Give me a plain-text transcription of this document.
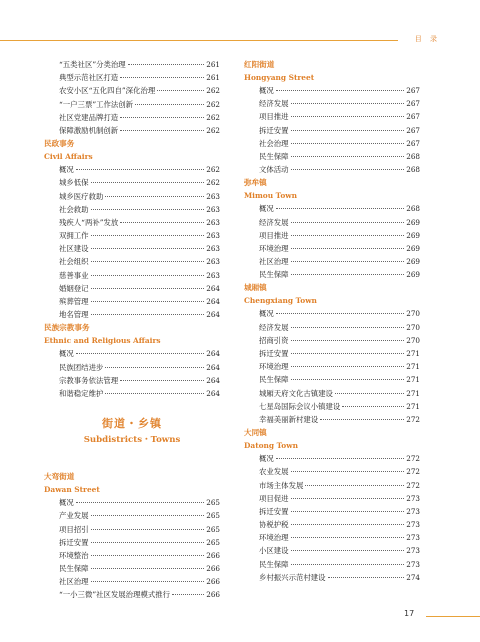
目 录
“五类社区”分类治理	261
典型示范社区打造	261
农安小区“五化四自”深化治理	262
“一户三票”工作法创新	262
社区党建品牌打造	262
保障激励机制创新	262
民政事务
Civil Affairs
概况	262
城乡低保	262
城乡医疗救助	263
社会救助	263
残疾人“两补”发放	263
双拥工作	263
社区建设	263
社会组织	263
慈善事业	263
婚姻登记	264
殡葬管理	264
地名管理	264
民族宗教事务
Ethnic and Religious Affairs
概况	264
民族团结进步	264
宗教事务依法管理	264
和谐稳定维护	264
街道・乡镇
Subdistricts・Towns
大弯街道
Dawan Street
概况	265
产业发展	265
项目招引	265
拆迁安置	265
环境整治	266
民生保障	266
社区治理	266
“一小三微”社区发展治理模式推行	266
红阳街道
Hongyang Street
概况	267
经济发展	267
项目推进	267
拆迁安置	267
社会治理	267
民生保障	268
文体活动	268
弥牟镇
Mimou Town
概况	268
经济发展	269
项目推进	269
环境治理	269
社区治理	269
民生保障	269
城厢镇
Chengxiang Town
概况	270
经济发展	270
招商引资	270
拆迁安置	271
环境治理	271
民生保障	271
城厢天府文化古镇建设	271
七星岛国际会议小镇建设	271
幸福美丽新村建设	272
大同镇
Datong Town
概况	272
农业发展	272
市场主体发展	272
项目促进	273
拆迁安置	273
协税护税	273
环境治理	273
小区建设	273
民生保障	273
乡村振兴示范村建设	274
17
